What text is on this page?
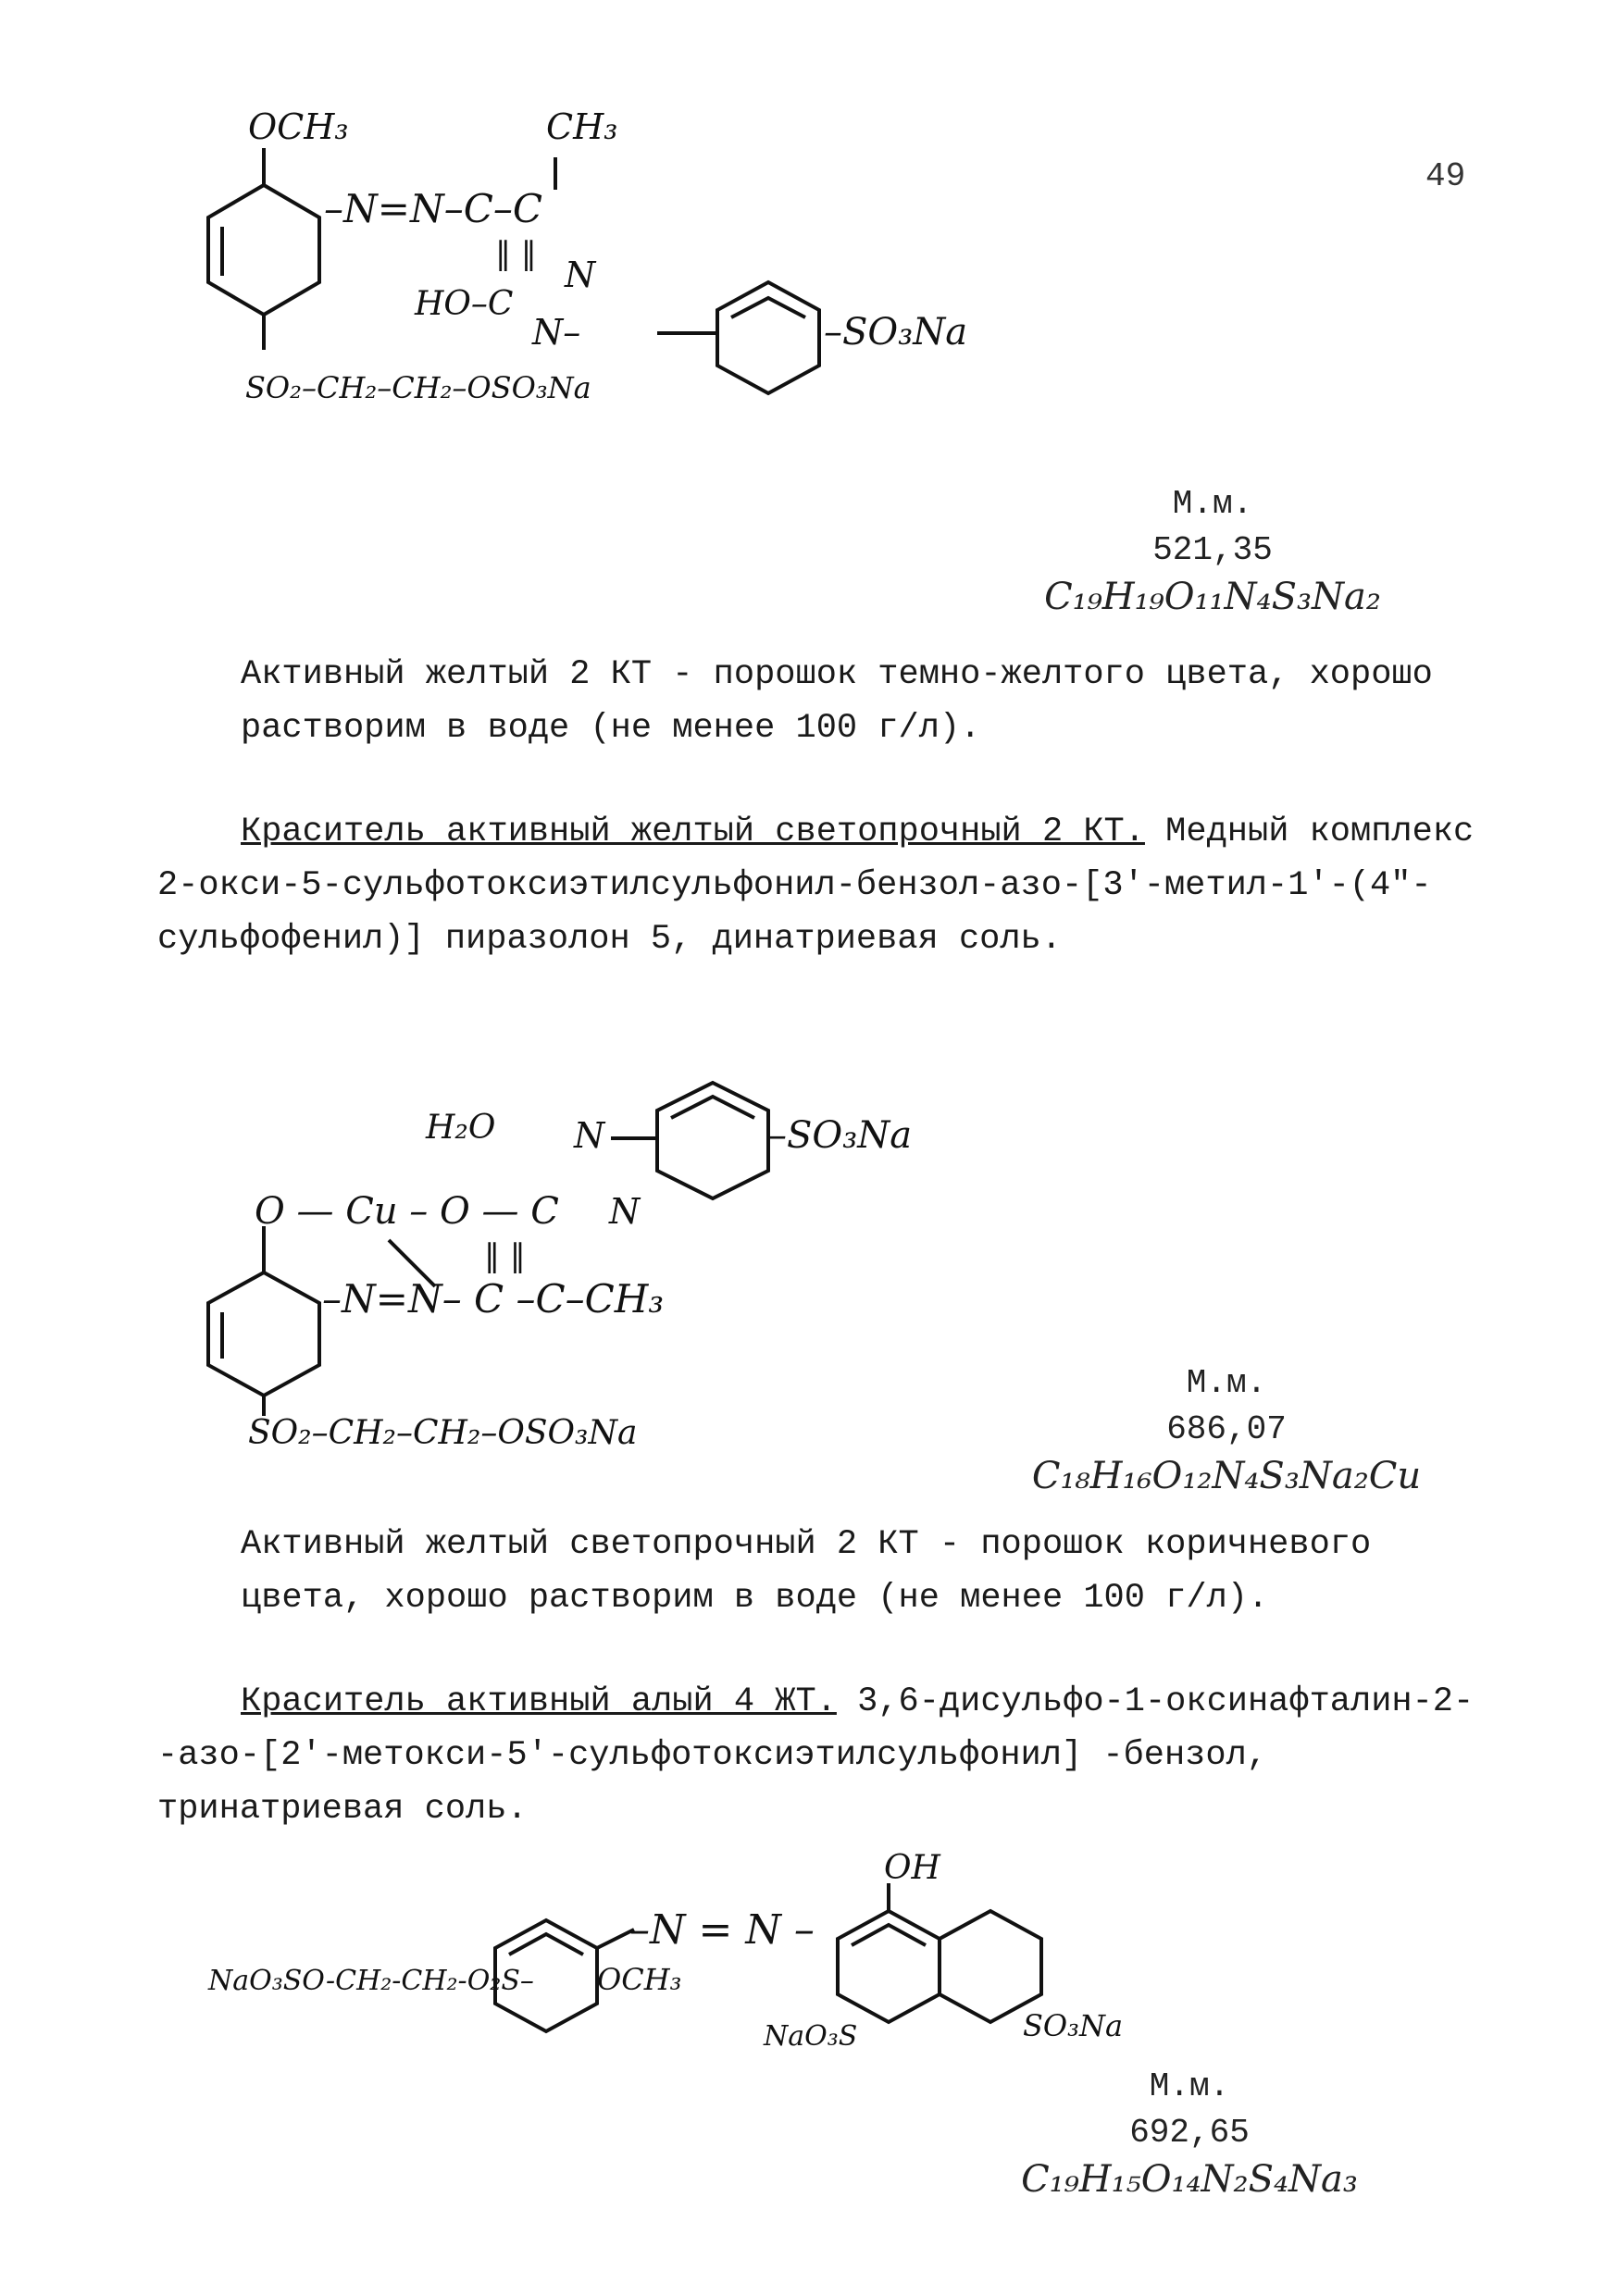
49
OCH₃	CH₃
–N=N–C–C
‖ ‖
HO–C
N
N–	–SO₃Na
SO₂–CH₂–CH₂–OSO₃Na
М.м.
521,35
C₁₉H₁₉O₁₁N₄S₃Na₂

Активный желтый 2 КТ - порошок темно-желтого цвета, хорошо растворим в воде (не менее 100 г/л).

Краситель активный желтый светопрочный 2 КТ. Медный комплекс
2-окси-5-сульфотоксиэтилсульфонил-бензол-азо-[3′-метил-1′-(4″-сульфофенил)] пиразолон 5, динатриевая соль.

H₂O N	–SO₃Na
O — Cu – O — C N
‖ ‖
–N=N– C –C–CH₃
SO₂–CH₂–CH₂–OSO₃Na
М.м.
686,07
C₁₈H₁₆O₁₂N₄S₃Na₂Cu

Активный желтый светопрочный 2 КТ - порошок коричневого цвета, хорошо растворим в воде (не менее 100 г/л).

Краситель активный алый 4 ЖТ. 3,6-дисульфо-1-оксинафталин-2-
-азо-[2′-метокси-5′-сульфотоксиэтилсульфонил] -бензол, тринатриевая соль.

OH
–N = N –
NaO₃SO-CH₂-CH₂-O₂S– OCH₃
NaO₃S	SO₃Na
М.м.
692,65
C₁₉H₁₅O₁₄N₂S₄Na₃
